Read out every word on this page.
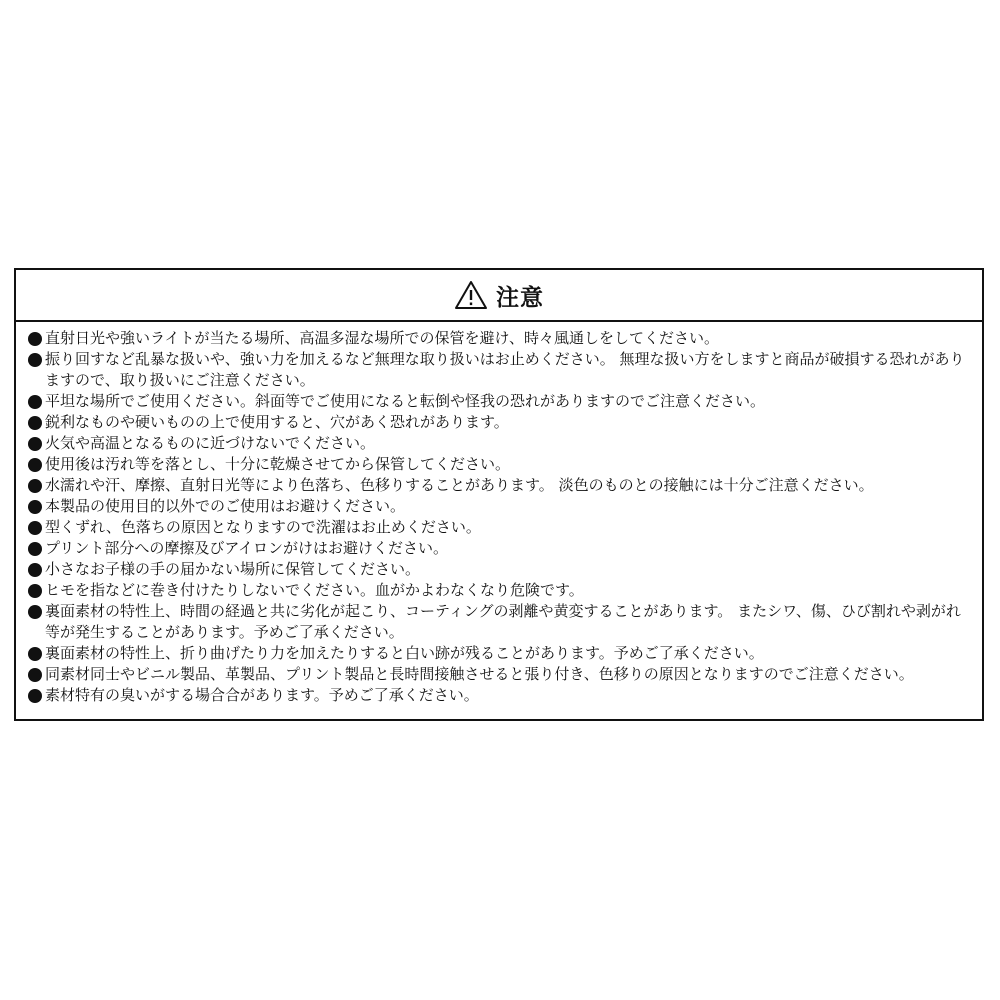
注意
直射日光や強いライトが当たる場所、高温多湿な場所での保管を避け、時々風通しをしてください。
振り回すなど乱暴な扱いや、強い力を加えるなど無理な取り扱いはお止めください。 無理な扱い方をしますと商品が破損する恐れがありますので、取り扱いにご注意ください。
平坦な場所でご使用ください。斜面等でご使用になると転倒や怪我の恐れがありますのでご注意ください。
鋭利なものや硬いものの上で使用すると、穴があく恐れがあります。
火気や高温となるものに近づけないでください。
使用後は汚れ等を落とし、十分に乾燥させてから保管してください。
水濡れや汗、摩擦、直射日光等により色落ち、色移りすることがあります。 淡色のものとの接触には十分ご注意ください。
本製品の使用目的以外でのご使用はお避けください。
型くずれ、色落ちの原因となりますので洗濯はお止めください。
プリント部分への摩擦及びアイロンがけはお避けください。
小さなお子様の手の届かない場所に保管してください。
ヒモを指などに巻き付けたりしないでください。血がかよわなくなり危険です。
裏面素材の特性上、時間の経過と共に劣化が起こり、コーティングの剥離や黄変することがあります。 またシワ、傷、ひび割れや剥がれ等が発生することがあります。予めご了承ください。
裏面素材の特性上、折り曲げたり力を加えたりすると白い跡が残ることがあります。予めご了承ください。
同素材同士やビニル製品、革製品、プリント製品と長時間接触させると張り付き、色移りの原因となりますのでご注意ください。
素材特有の臭いがする場合合があります。予めご了承ください。
